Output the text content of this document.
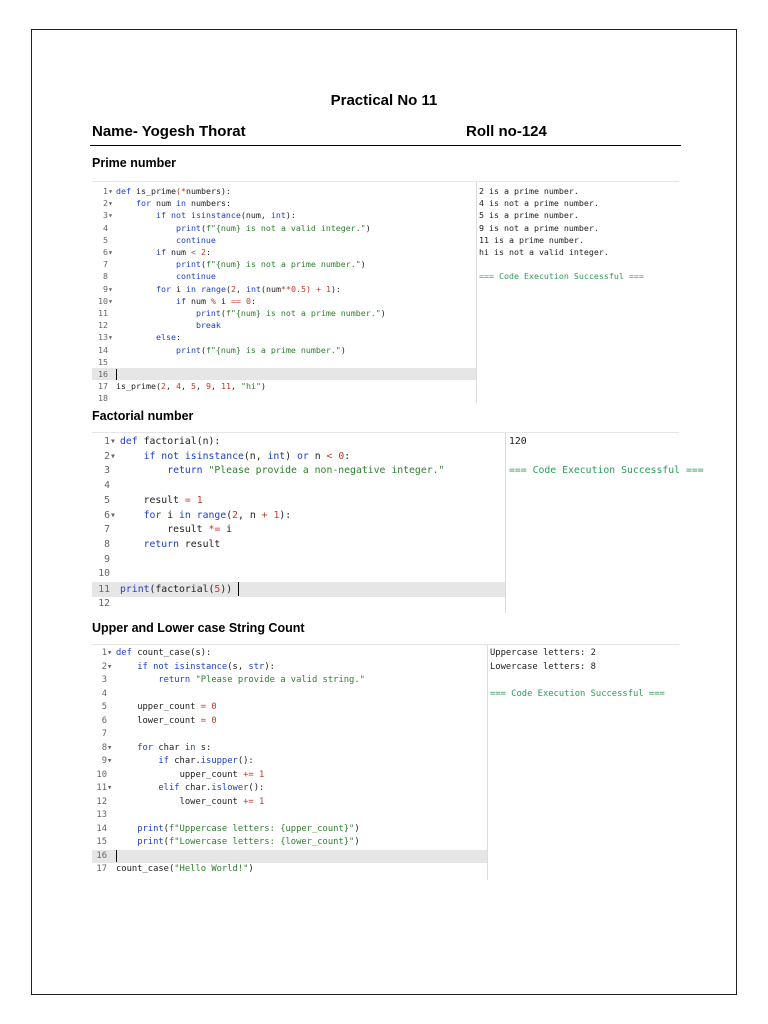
Practical No 11
Name- Yogesh Thorat	Roll no-124
Prime number
1▾ def is_prime(*numbers):
2▾	for num in numbers:
3▾	if not isinstance(num, int):
4	print(f"{num} is not a valid integer.")
5	continue
6▾	if num < 2:
7	print(f"{num} is not a prime number.")
8	continue
9▾	for i in range(2, int(num**0.5) + 1):
10▾	if num % i == 0:
11	print(f"{num} is not a prime number.")
12	break
13▾	else:
14	print(f"{num} is a prime number.")
15
16
17 is_prime(2, 4, 5, 9, 11, "hi")
18
2 is a prime number.
4 is not a prime number.
5 is a prime number.
9 is not a prime number.
11 is a prime number.
hi is not a valid integer.
=== Code Execution Successful ===
Factorial number
1▾ def factorial(n):
2▾	if not isinstance(n, int) or n < 0:
3	return "Please provide a non-negative integer."
4
5	result = 1
6▾	for i in range(2, n + 1):
7	result *= i
8	return result
9
10
11 print(factorial(5))
12
120
=== Code Execution Successful ===
Upper and Lower case String Count
1▾ def count_case(s):
2▾	if not isinstance(s, str):
3	return "Please provide a valid string."
4
5	upper_count = 0
6	lower_count = 0
7
8▾	for char in s:
9▾	if char.isupper():
10	upper_count += 1
11▾	elif char.islower():
12	lower_count += 1
13
14	print(f"Uppercase letters: {upper_count}")
15	print(f"Lowercase letters: {lower_count}")
16
17 count_case("Hello World!")
Uppercase letters: 2
Lowercase letters: 8
=== Code Execution Successful ===
